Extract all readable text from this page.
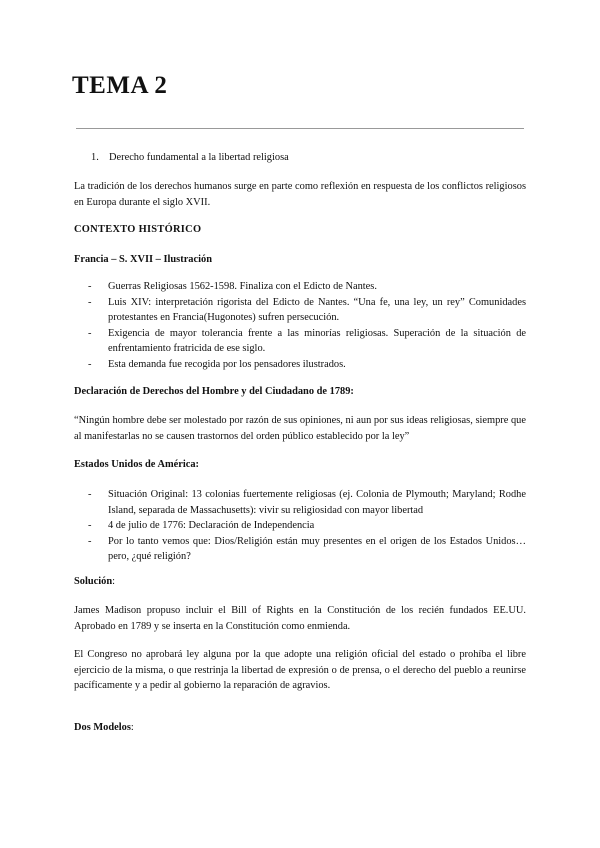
TEMA 2
1. Derecho fundamental a la libertad religiosa
La tradición de los derechos humanos surge en parte como reflexión en respuesta de los conflictos religiosos en Europa durante el siglo XVII.
CONTEXTO HISTÓRICO
Francia – S. XVII – Ilustración
- Guerras Religiosas 1562-1598. Finaliza con el Edicto de Nantes.
- Luis XIV: interpretación rigorista del Edicto de Nantes. “Una fe, una ley, un rey” Comunidades protestantes en Francia(Hugonotes) sufren persecución.
- Exigencia de mayor tolerancia frente a las minorías religiosas. Superación de la situación de enfrentamiento fratricida de ese siglo.
- Esta demanda fue recogida por los pensadores ilustrados.
Declaración de Derechos del Hombre y del Ciudadano de 1789:
“Ningún hombre debe ser molestado por razón de sus opiniones, ni aun por sus ideas religiosas, siempre que al manifestarlas no se causen trastornos del orden público establecido por la ley”
Estados Unidos de América:
- Situación Original: 13 colonias fuertemente religiosas (ej. Colonia de Plymouth; Maryland; Rodhe Island, separada de Massachusetts): vivir su religiosidad con mayor libertad
- 4 de julio de 1776: Declaración de Independencia
- Por lo tanto vemos que: Dios/Religión están muy presentes en el origen de los Estados Unidos… pero, ¿qué religión?
Solución:
James Madison propuso incluir el Bill of Rights en la Constitución de los recién fundados EE.UU. Aprobado en 1789 y se inserta en la Constitución como enmienda.
El Congreso no aprobará ley alguna por la que adopte una religión oficial del estado o prohíba el libre ejercicio de la misma, o que restrinja la libertad de expresión o de prensa, o el derecho del pueblo a reunirse pacíficamente y a pedir al gobierno la reparación de agravios.
Dos Modelos:
